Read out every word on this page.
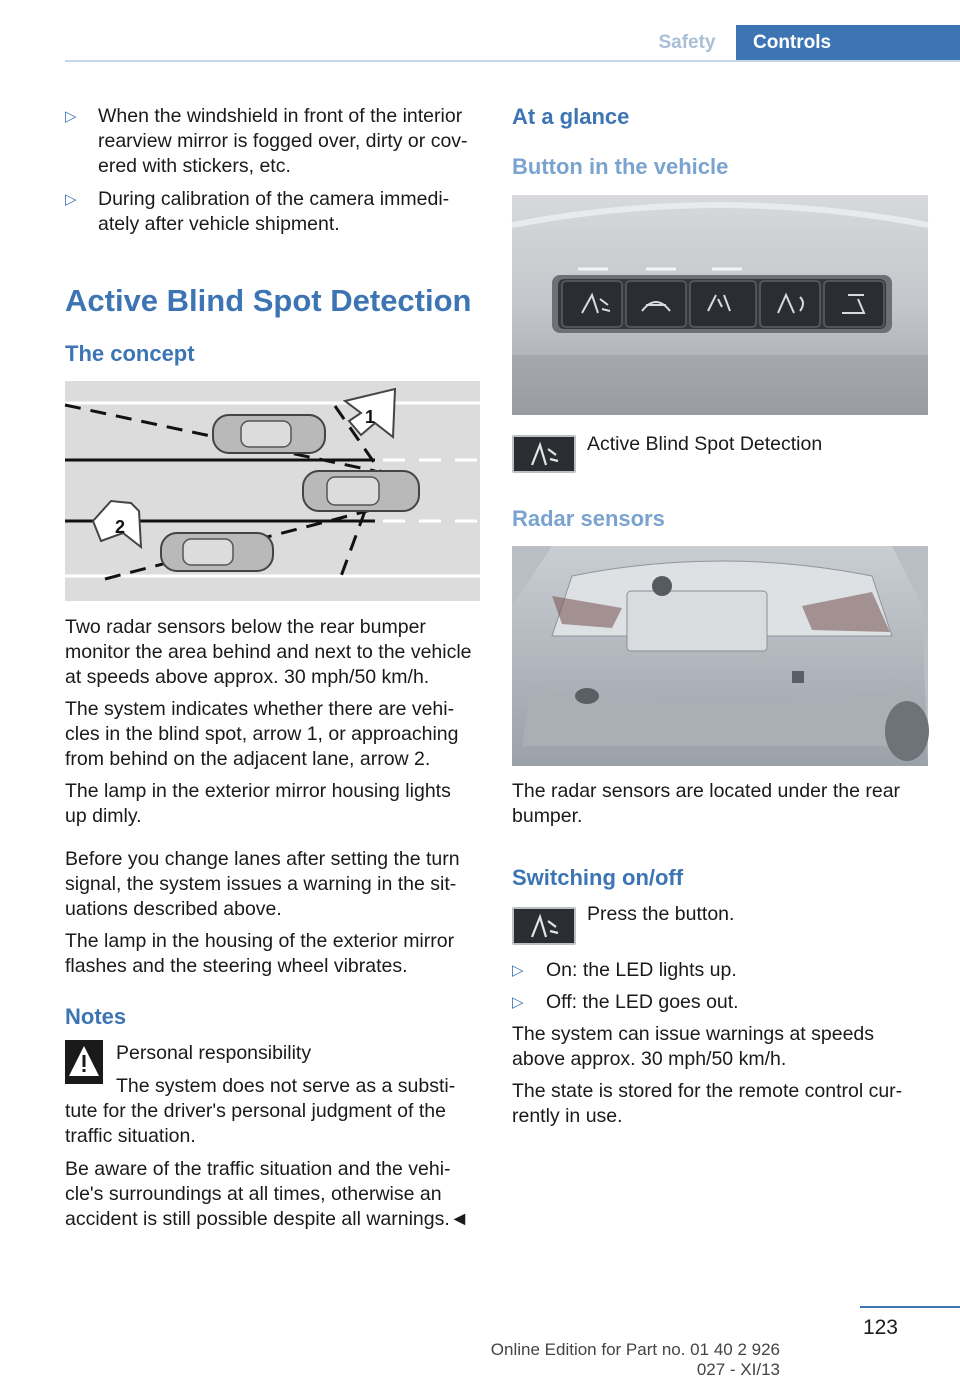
Safety	Controls
▷ When the windshield in front of the interior
rearview mirror is fogged over, dirty or cov-
ered with stickers, etc.
▷ During calibration of the camera immedi-
ately after vehicle shipment.
Active Blind Spot Detection
The concept
1
2
Two radar sensors below the rear bumper
monitor the area behind and next to the vehicle
at speeds above approx. 30 mph/50 km/h.
The system indicates whether there are vehi-
cles in the blind spot, arrow 1, or approaching
from behind on the adjacent lane, arrow 2.
The lamp in the exterior mirror housing lights
up dimly.
Before you change lanes after setting the turn
signal, the system issues a warning in the sit-
uations described above.
The lamp in the housing of the exterior mirror
flashes and the steering wheel vibrates.
Notes
Personal responsibility
The system does not serve as a substi-
tute for the driver's personal judgment of the
traffic situation.
Be aware of the traffic situation and the vehi-
cle's surroundings at all times, otherwise an
accident is still possible despite all warnings.◄
At a glance
Button in the vehicle
Active Blind Spot Detection
Radar sensors
The radar sensors are located under the rear
bumper.
Switching on/off
Press the button.
▷ On: the LED lights up.
▷ Off: the LED goes out.
The system can issue warnings at speeds
above approx. 30 mph/50 km/h.
The state is stored for the remote control cur-
rently in use.
123
Online Edition for Part no. 01 40 2 926 027 - XI/13
